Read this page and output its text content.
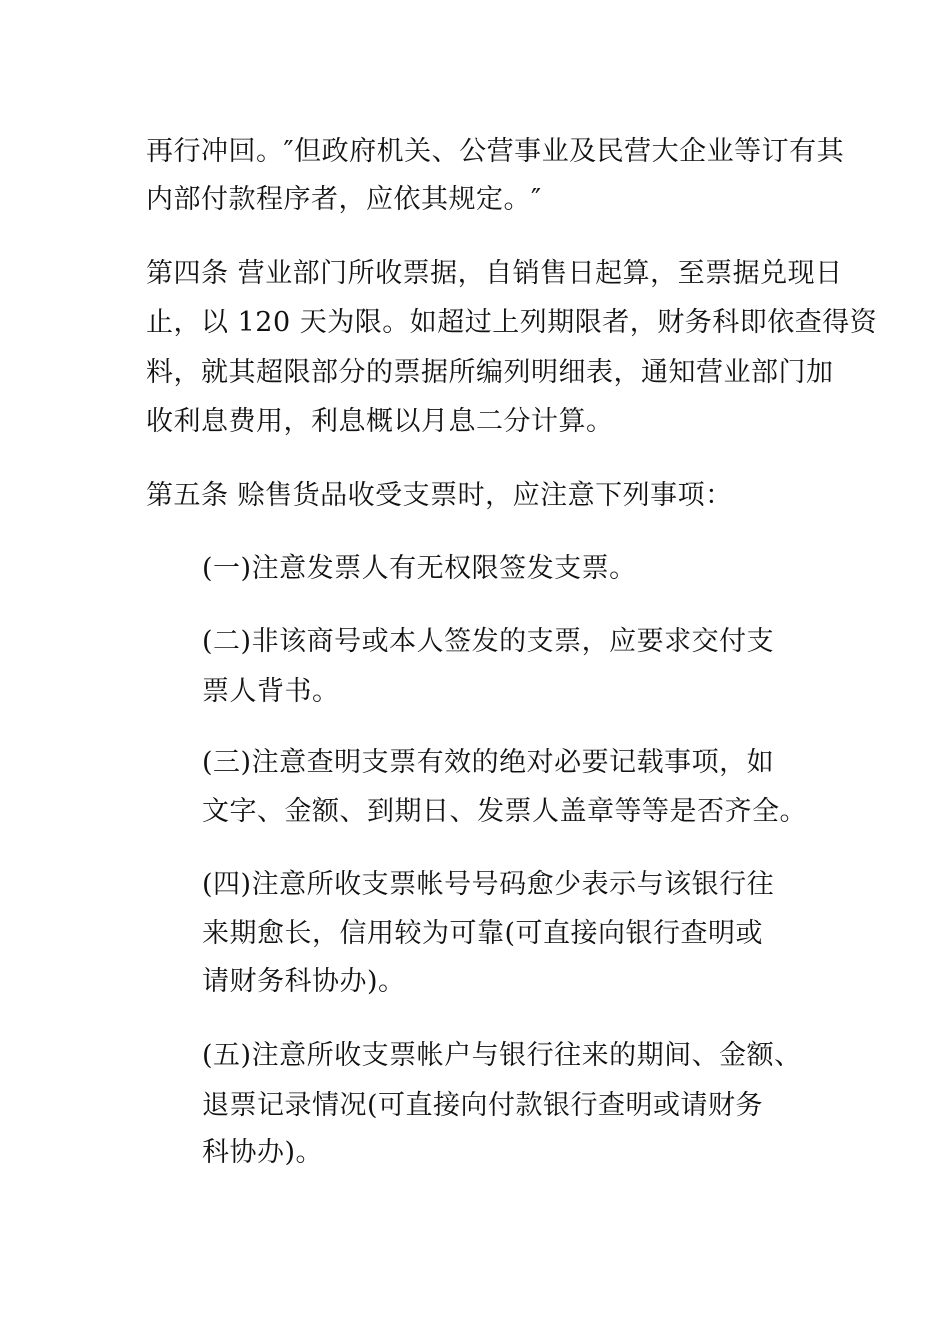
再行冲回。″但政府机关、公营事业及民营大企业等订有其
内部付款程序者，应依其规定。″
第四条 营业部门所收票据，自销售日起算，至票据兑现日
止，以 120 天为限。如超过上列期限者，财务科即依查得资
料，就其超限部分的票据所编列明细表，通知营业部门加
收利息费用，利息概以月息二分计算。
第五条 赊售货品收受支票时，应注意下列事项：
(一)注意发票人有无权限签发支票。
(二)非该商号或本人签发的支票，应要求交付支
票人背书。
(三)注意查明支票有效的绝对必要记载事项，如
文字、金额、到期日、发票人盖章等等是否齐全。
(四)注意所收支票帐号号码愈少表示与该银行往
来期愈长，信用较为可靠(可直接向银行查明或
请财务科协办)。
(五)注意所收支票帐户与银行往来的期间、金额、
退票记录情况(可直接向付款银行查明或请财务
科协办)。
